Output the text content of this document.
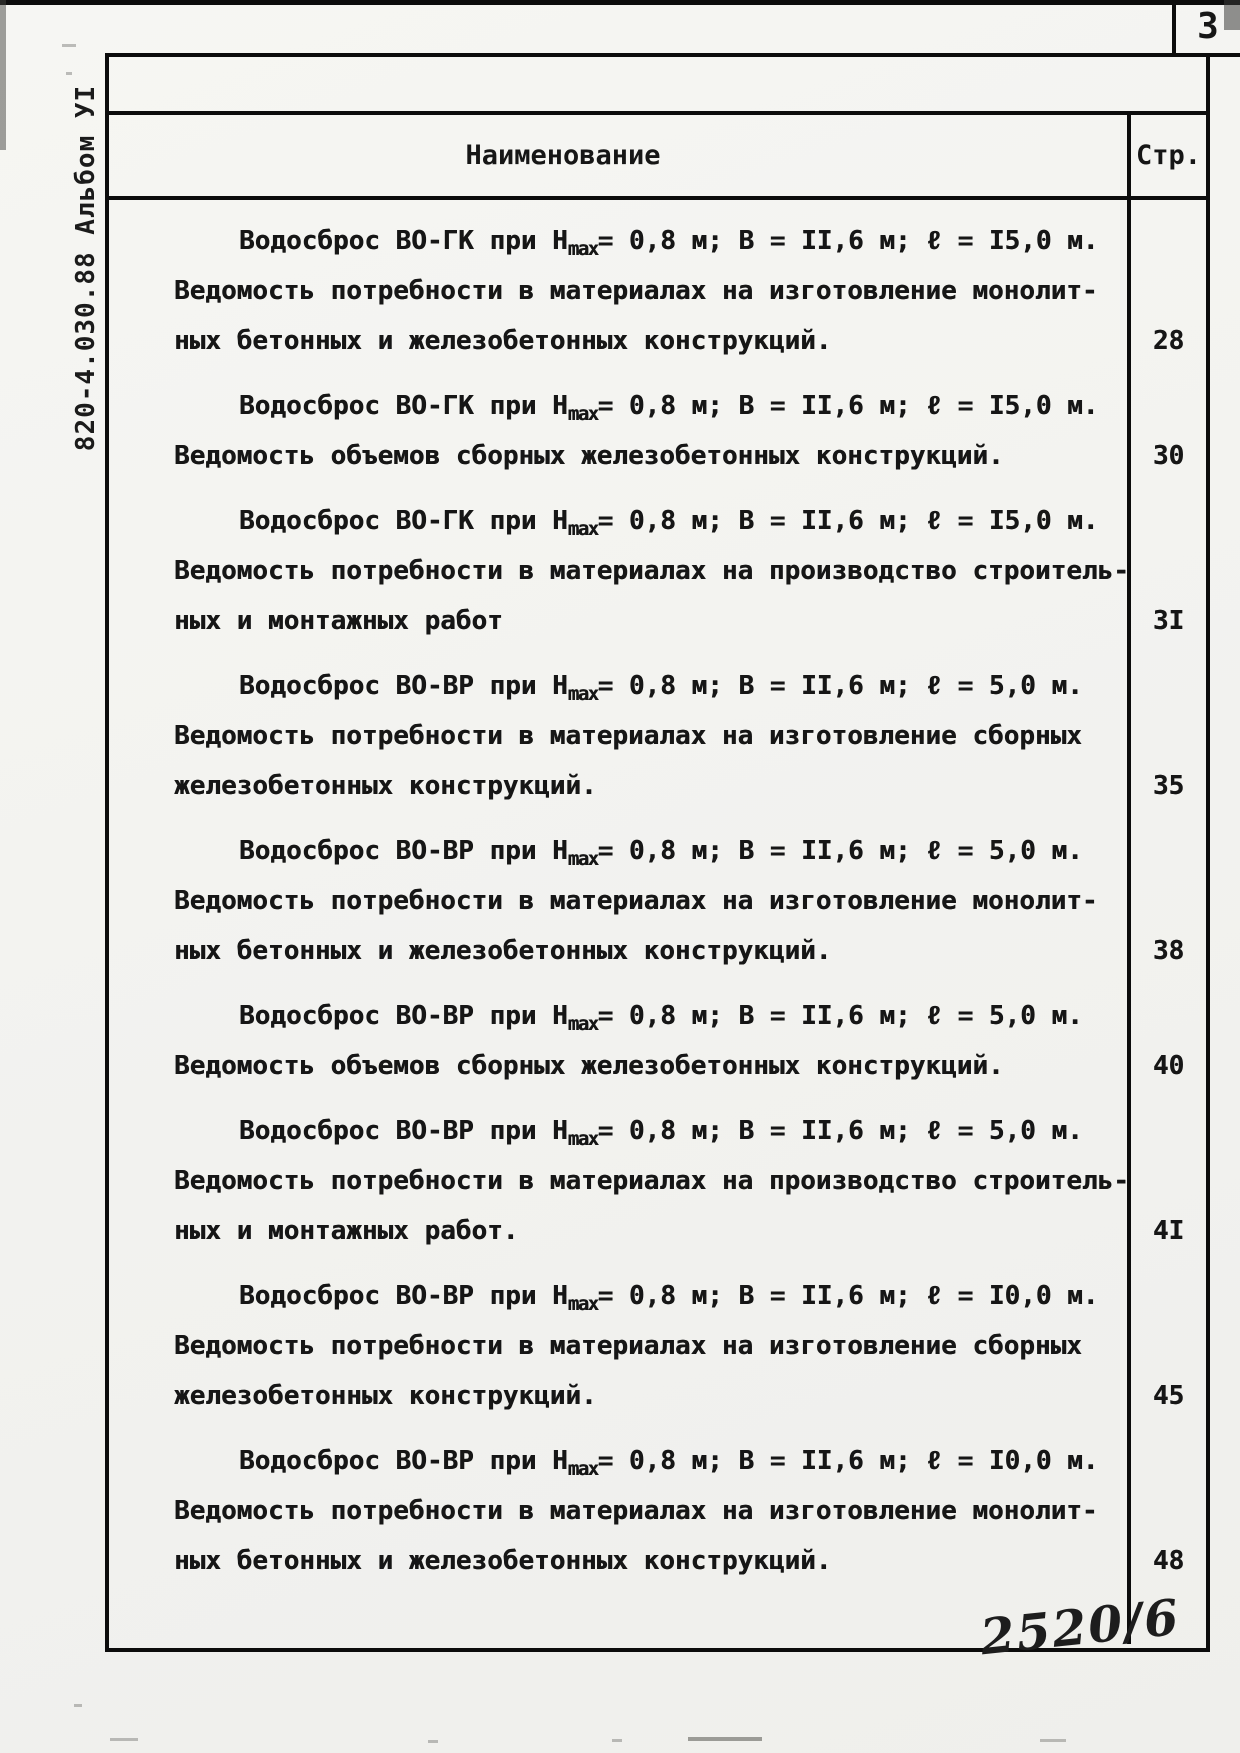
3
820-4.030.88 Альбом УI	Наименование	Стр.
Водосброс ВО-ГК при $Н_{max}= 0,8$ м; В = II,6 м; ℓ = I5,0 м.
Ведомость потребности в материалах на изготовление монолит-
ных бетонных и железобетонных конструкций.	28
Водосброс ВО-ГК при $Н_{max}= 0,8$ м; В = II,6 м; ℓ = I5,0 м.
Ведомость объемов сборных железобетонных конструкций.	30
Водосброс ВО-ГК при $Н_{max}= 0,8$ м; В = II,6 м; ℓ = I5,0 м.
Ведомость потребности в материалах на производство строитель-
ных и монтажных работ	3I
Водосброс ВО-ВР при $Н_{max}= 0,8$ м; В = II,6 м; ℓ = 5,0 м.
Ведомость потребности в материалах на изготовление сборных
железобетонных конструкций.	35
Водосброс ВО-ВР при $Н_{max}= 0,8$ м; В = II,6 м; ℓ = 5,0 м.
Ведомость потребности в материалах на изготовление монолит-
ных бетонных и железобетонных конструкций.	38
Водосброс ВО-ВР при $Н_{max}= 0,8$ м; В = II,6 м; ℓ = 5,0 м.
Ведомость объемов сборных железобетонных конструкций.	40
Водосброс ВО-ВР при $Н_{max}= 0,8$ м; В = II,6 м; ℓ = 5,0 м.
Ведомость потребности в материалах на производство строитель-
ных и монтажных работ.	4I
Водосброс ВО-ВР при $Н_{max}= 0,8$ м; В = II,6 м; ℓ = I0,0 м.
Ведомость потребности в материалах на изготовление сборных
железобетонных конструкций.	45
Водосброс ВО-ВР при $Н_{max}= 0,8$ м; В = II,6 м; ℓ = I0,0 м.
Ведомость потребности в материалах на изготовление монолит-
ных бетонных и железобетонных конструкций.	48
2520/6
